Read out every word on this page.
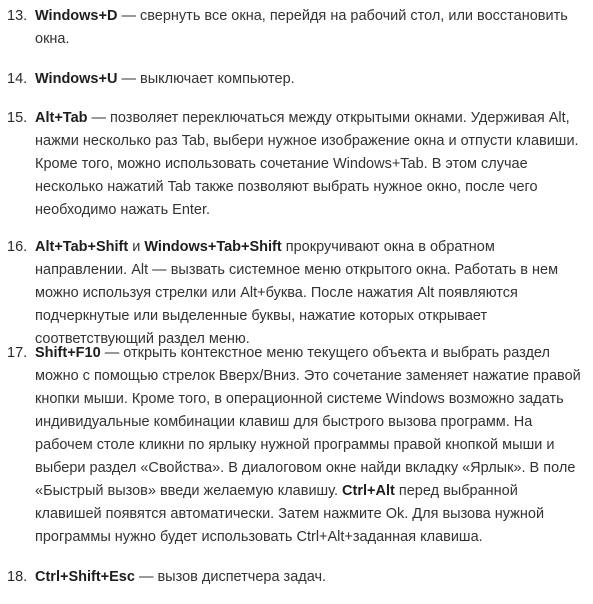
13. Windows+D — свернуть все окна, перейдя на рабочий стол, или восстановить окна.
14. Windows+U — выключает компьютер.
15. Alt+Tab — позволяет переключаться между открытыми окнами. Удерживая Alt, нажми несколько раз Tab, выбери нужное изображение окна и отпусти клавиши. Кроме того, можно использовать сочетание Windows+Tab. В этом случае несколько нажатий Tab также позволяют выбрать нужное окно, после чего необходимо нажать Enter.
16. Alt+Tab+Shift и Windows+Tab+Shift прокручивают окна в обратном направлении. Alt — вызвать системное меню открытого окна. Работать в нем можно используя стрелки или Alt+буква. После нажатия Alt появляются подчеркнутые или выделенные буквы, нажатие которых открывает соответствующий раздел меню.
17. Shift+F10 — открыть контекстное меню текущего объекта и выбрать раздел можно с помощью стрелок Вверх/Вниз. Это сочетание заменяет нажатие правой кнопки мыши. Кроме того, в операционной системе Windows возможно задать индивидуальные комбинации клавиш для быстрого вызова программ. На рабочем столе кликни по ярлыку нужной программы правой кнопкой мыши и выбери раздел «Свойства». В диалоговом окне найди вкладку «Ярлык». В поле «Быстрый вызов» введи желаемую клавишу. Ctrl+Alt перед выбранной клавишей появятся автоматически. Затем нажмите Ok. Для вызова нужной программы нужно будет использовать Ctrl+Alt+заданная клавиша.
18. Ctrl+Shift+Esc — вызов диспетчера задач.
